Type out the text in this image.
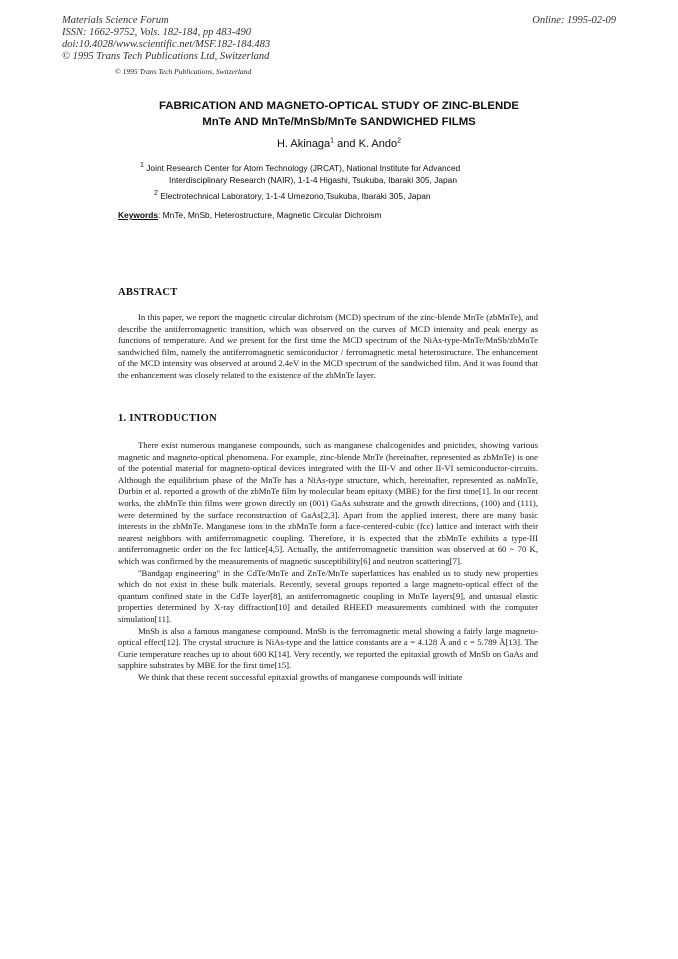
Materials Science Forum
ISSN: 1662-9752, Vols. 182-184, pp 483-490
doi:10.4028/www.scientific.net/MSF.182-184.483
© 1995 Trans Tech Publications Ltd, Switzerland
Online: 1995-02-09
© 1995 Trans Tech Publications, Switzerland
FABRICATION AND MAGNETO-OPTICAL STUDY OF ZINC-BLENDE
MnTe AND MnTe/MnSb/MnTe SANDWICHED FILMS
H. Akinaga$^1$ and K. Ando$^2$
$^1$ Joint Research Center for Atom Technology (JRCAT), National Institute for Advanced
Interdisciplinary Research (NAIR), 1-1-4 Higashi, Tsukuba, Ibaraki 305, Japan
$^2$ Electrotechnical Laboratory, 1-1-4 Umezono,Tsukuba, Ibaraki 305, Japan
Keywords: MnTe, MnSb, Heterostructure, Magnetic Circular Dichroism
ABSTRACT

In this paper, we report the magnetic circular dichroism (MCD) spectrum of the zinc-blende MnTe (zbMnTe), and describe the antiferromagnetic transition, which was observed on the curves of MCD intensity and peak energy as functions of temperature. And we present for the first time the MCD spectrum of the NiAs-type-MnTe/MnSb/zbMnTe sandwiched film, namely the antiferromagnetic semiconductor / ferromagnetic metal heterostructure. The enhancement of the MCD intensity was observed at around 2.4eV in the MCD spectrum of the sandwiched film. And it was found that the enhancement was closely related to the existence of the zbMnTe layer.

1. INTRODUCTION

There exist numerous manganese compounds, such as manganese chalcogenides and pnictides, showing various magnetic and magneto-optical phenomena. For example, zinc-blende MnTe (hereinafter, represented as zbMnTe) is one of the potential material for magneto-optical devices integrated with the III-V and other II-VI semiconductor-circuits. Although the equilibrium phase of the MnTe has a NiAs-type structure, which, hereinafter, represented as naMnTe, Durbin et al. reported a growth of the zbMnTe film by molecular beam epitaxy (MBE) for the first time[1]. In our recent works, the zbMnTe thin films were grown directly on (001) GaAs substrate and the growth directions, (100) and (111), were determined by the surface reconstruction of GaAs[2,3]. Apart from the applied interest, there are many basic interests in the zbMnTe. Manganese ions in the zbMnTe form a face-centered-cubic (fcc) lattice and interact with their nearest neighbors with antiferromagnetic coupling. Therefore, it is expected that the zbMnTe exhibits a type-III antiferromagnetic order on the fcc lattice[4,5]. Actually, the antiferromagnetic transition was observed at 60 ~ 70 K, which was confirmed by the measurements of magnetic susceptibility[6] and neutron scattering[7].

"Bandgap engineering" in the CdTe/MnTe and ZnTe/MnTe superlattices has enabled us to study new properties which do not exist in these bulk materials. Recently, several groups reported a large magneto-optical effect of the quantum confined state in the CdTe layer[8], an antiferromagnetic coupling in MnTe layers[9], and unusual elastic properties determined by X-ray diffraction[10] and detailed RHEED measurements combined with the computer simulation[11].

MnSb is also a famous manganese compound. MnSb is the ferromagnetic metal showing a fairly large magneto-optical effect[12]. The crystal structure is NiAs-type and the lattice constants are a = 4.128 Å and c = 5.789 Å[13]. The Curie temperature reaches up to about 600 K[14]. Very recently, we reported the epitaxial growth of MnSb on GaAs and sapphire substrates by MBE for the first time[15].

We think that these recent successful epitaxial growths of manganese compounds will initiate
